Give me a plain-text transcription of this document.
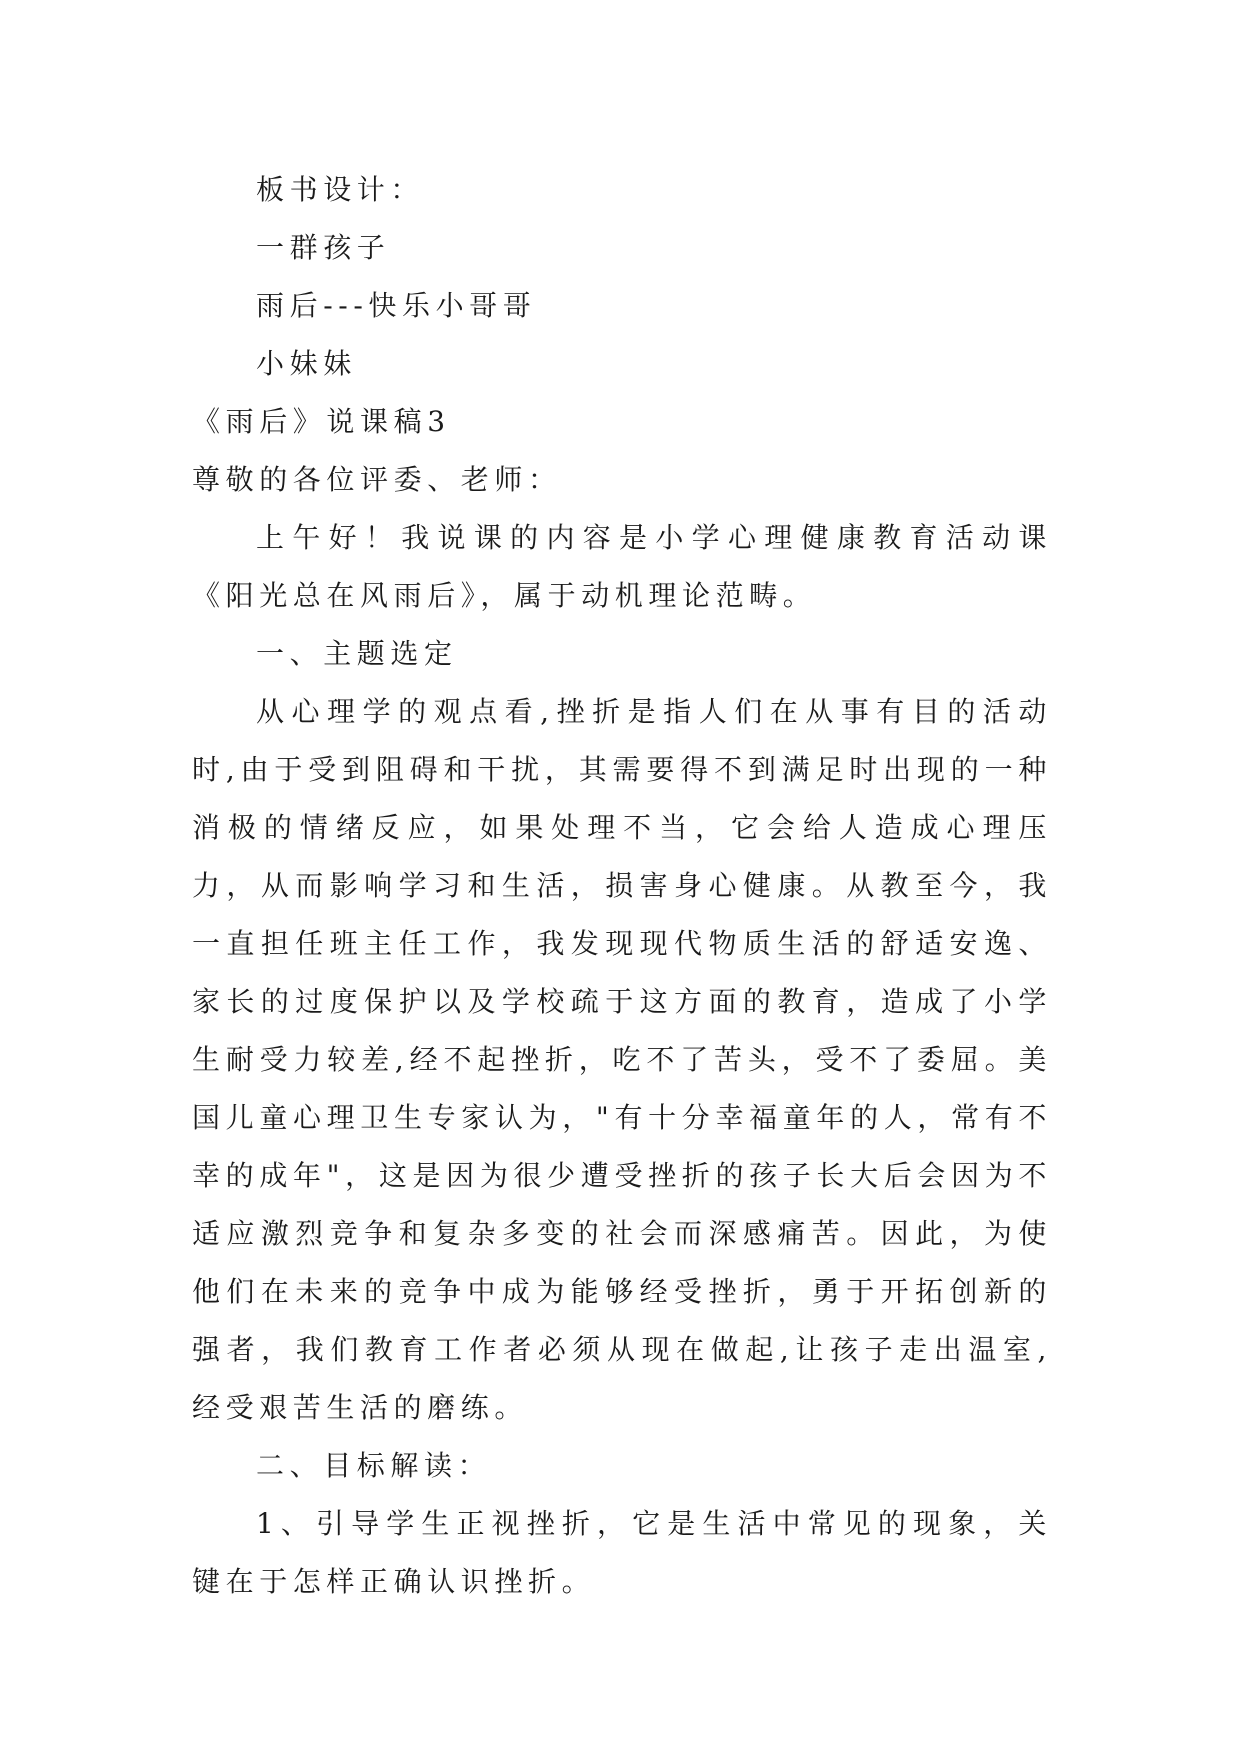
板书设计：

一群孩子

雨后---快乐小哥哥

小妹妹

《雨后》说课稿3

尊敬的各位评委、老师：

上午好！我说课的内容是小学心理健康教育活动课《阳光总在风雨后》，属于动机理论范畴。

一、主题选定

从心理学的观点看,挫折是指人们在从事有目的活动时,由于受到阻碍和干扰，其需要得不到满足时出现的一种消极的情绪反应，如果处理不当，它会给人造成心理压力，从而影响学习和生活，损害身心健康。从教至今，我一直担任班主任工作，我发现现代物质生活的舒适安逸、家长的过度保护以及学校疏于这方面的教育，造成了小学生耐受力较差,经不起挫折，吃不了苦头，受不了委屈。美国儿童心理卫生专家认为，"有十分幸福童年的人，常有不幸的成年"，这是因为很少遭受挫折的孩子长大后会因为不适应激烈竞争和复杂多变的社会而深感痛苦。因此，为使他们在未来的竞争中成为能够经受挫折，勇于开拓创新的强者，我们教育工作者必须从现在做起,让孩子走出温室,经受艰苦生活的磨练。

二、目标解读：

1、引导学生正视挫折，它是生活中常见的现象，关键在于怎样正确认识挫折。
